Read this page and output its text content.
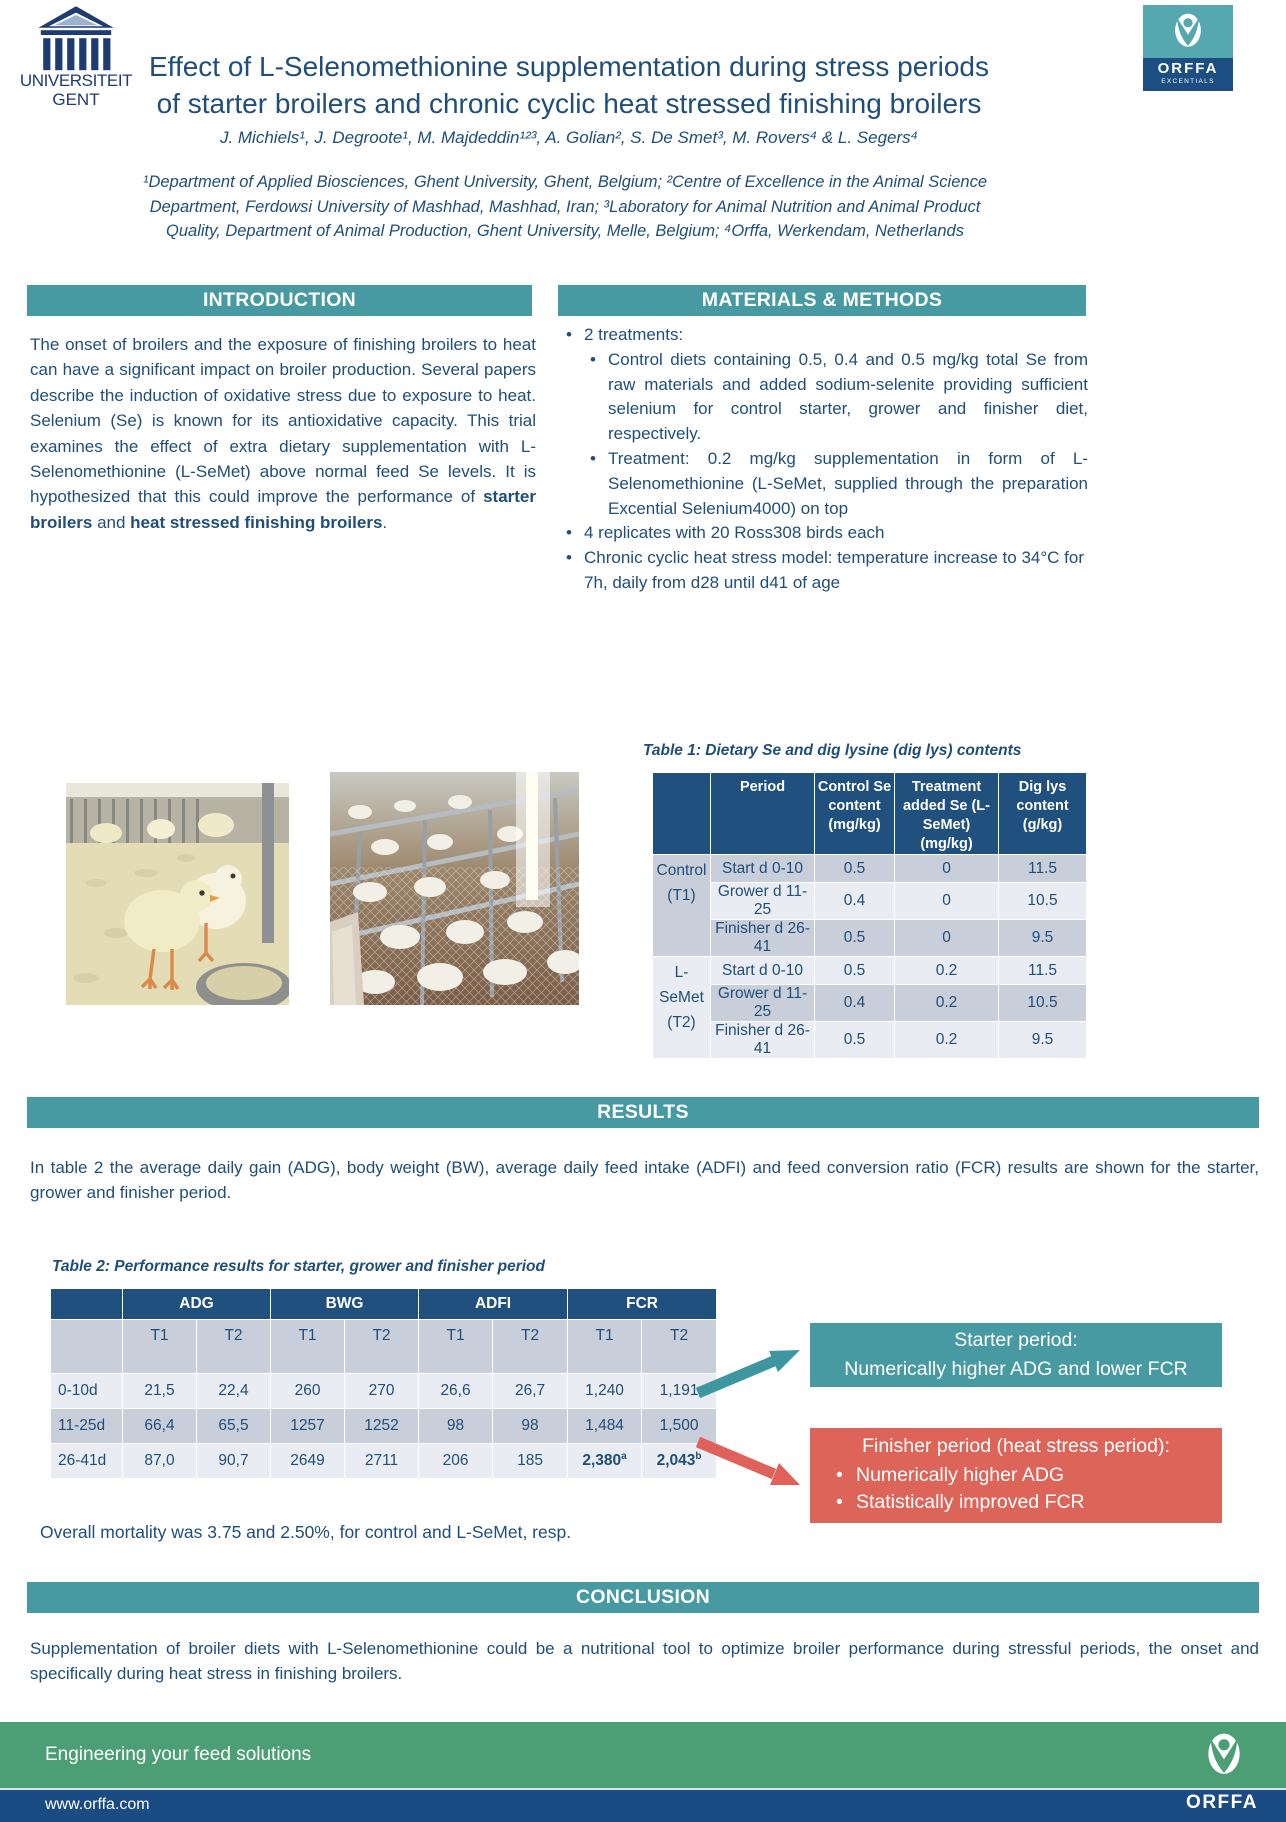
UNIVERSITEIT
GENT
Effect of L-Selenomethionine supplementation during stress periods
of starter broilers and chronic cyclic heat stressed finishing broilers
J. Michiels¹, J. Degroote¹, M. Majdeddin¹²³, A. Golian², S. De Smet³, M. Rovers⁴ & L. Segers⁴
¹Department of Applied Biosciences, Ghent University, Ghent, Belgium; ²Centre of Excellence in the Animal Science Department, Ferdowsi University of Mashhad, Mashhad, Iran; ³Laboratory for Animal Nutrition and Animal Product Quality, Department of Animal Production, Ghent University, Melle, Belgium; ⁴Orffa, Werkendam, Netherlands
ORFFA
EXCENTIALS
INTRODUCTION	MATERIALS & METHODS

The onset of broilers and the exposure of finishing broilers to heat can have a significant impact on broiler production. Several papers describe the induction of oxidative stress due to exposure to heat. Selenium (Se) is known for its antioxidative capacity. This trial examines the effect of extra dietary supplementation with L-Selenomethionine (L-SeMet) above normal feed Se levels. It is hypothesized that this could improve the performance of starter broilers and heat stressed finishing broilers.

• 2 treatments:
• Control diets containing 0.5, 0.4 and 0.5 mg/kg total Se from raw materials and added sodium-selenite providing sufficient selenium for control starter, grower and finisher diet, respectively.
• Treatment: 0.2 mg/kg supplementation in form of L-Selenomethionine (L-SeMet, supplied through the preparation Excential Selenium4000) on top
• 4 replicates with 20 Ross308 birds each
• Chronic cyclic heat stress model: temperature increase to 34°C for 7h, daily from d28 until d41 of age
Table 1: Dietary Se and dig lysine (dig lys) contents
	Period	Control Se content (mg/kg)	Treatment added Se (L-SeMet) (mg/kg)	Dig lys content (g/kg)
Control (T1)	Start d 0-10	0.5	0	11.5
	Grower d 11-25	0.4	0	10.5
	Finisher d 26-41	0.5	0	9.5
L-SeMet (T2)	Start d 0-10	0.5	0.2	11.5
	Grower d 11-25	0.4	0.2	10.5
	Finisher d 26-41	0.5	0.2	9.5
RESULTS

In table 2 the average daily gain (ADG), body weight (BW), average daily feed intake (ADFI) and feed conversion ratio (FCR) results are shown for the starter, grower and finisher period.

Table 2: Performance results for starter, grower and finisher period
	ADG		BWG		ADFI		FCR	
	T1	T2	T1	T2	T1	T2	T1	T2
0-10d	21,5	22,4	260	270	26,6	26,7	1,240	1,191
11-25d	66,4	65,5	1257	1252	98	98	1,484	1,500
26-41d	87,0	90,7	2649	2711	206	185	2,380$^a$	2,043$^b$
Starter period:
Numerically higher ADG and lower FCR
Finisher period (heat stress period):
• Numerically higher ADG
• Statistically improved FCR

Overall mortality was 3.75 and 2.50%, for control and L-SeMet, resp.

CONCLUSION

Supplementation of broiler diets with L-Selenomethionine could be a nutritional tool to optimize broiler performance during stressful periods, the onset and specifically during heat stress in finishing broilers.

Engineering your feed solutions
www.orffa.com	ORFFA
